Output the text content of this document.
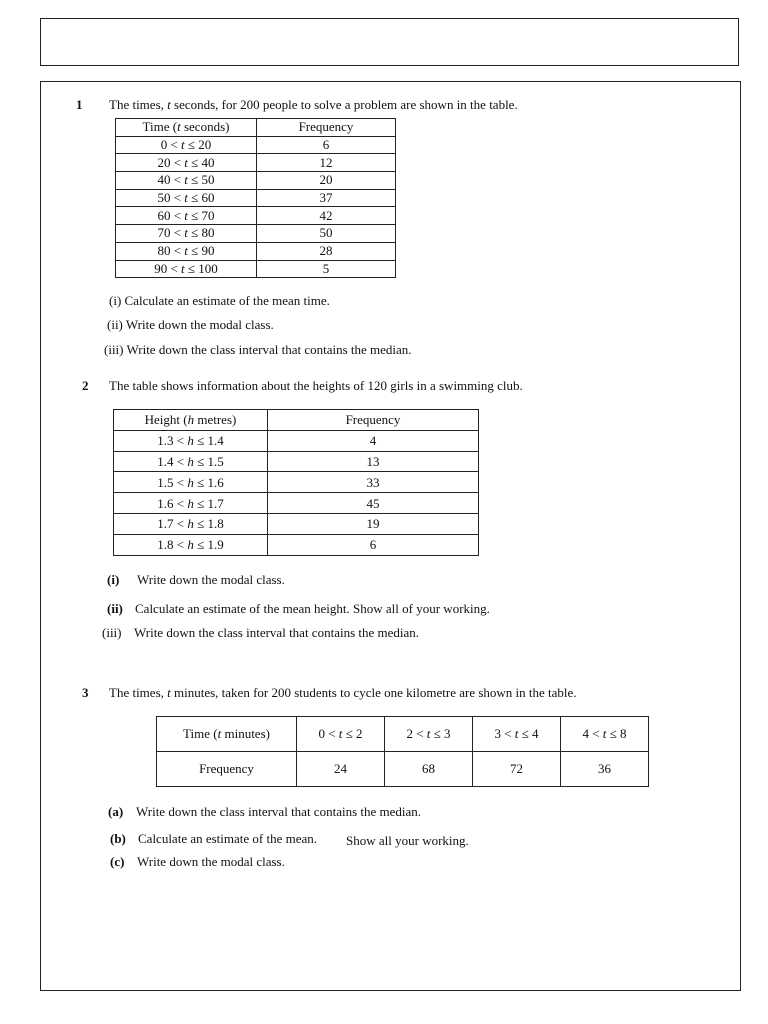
1 The times, t seconds, for 200 people to solve a problem are shown in the table.
Time (t seconds)	Frequency
0 < t ≤ 20	6
20 < t ≤ 40	12
40 < t ≤ 50	20
50 < t ≤ 60	37
60 < t ≤ 70	42
70 < t ≤ 80	50
80 < t ≤ 90	28
90 < t ≤ 100	5
(i) Calculate an estimate of the mean time.
(ii) Write down the modal class.
(iii) Write down the class interval that contains the median.
2 The table shows information about the heights of 120 girls in a swimming club.
Height (h metres)	Frequency
1.3 < h ≤ 1.4	4
1.4 < h ≤ 1.5	13
1.5 < h ≤ 1.6	33
1.6 < h ≤ 1.7	45
1.7 < h ≤ 1.8	19
1.8 < h ≤ 1.9	6
(i) Write down the modal class.
(ii) Calculate an estimate of the mean height. Show all of your working.
(iii) Write down the class interval that contains the median.
3 The times, t minutes, taken for 200 students to cycle one kilometre are shown in the table.
Time (t minutes)	0 < t ≤ 2	2 < t ≤ 3	3 < t ≤ 4	4 < t ≤ 8
Frequency	24	68	72	36
(a) Write down the class interval that contains the median.
(b) Calculate an estimate of the mean. Show all your working.
(c) Write down the modal class.
